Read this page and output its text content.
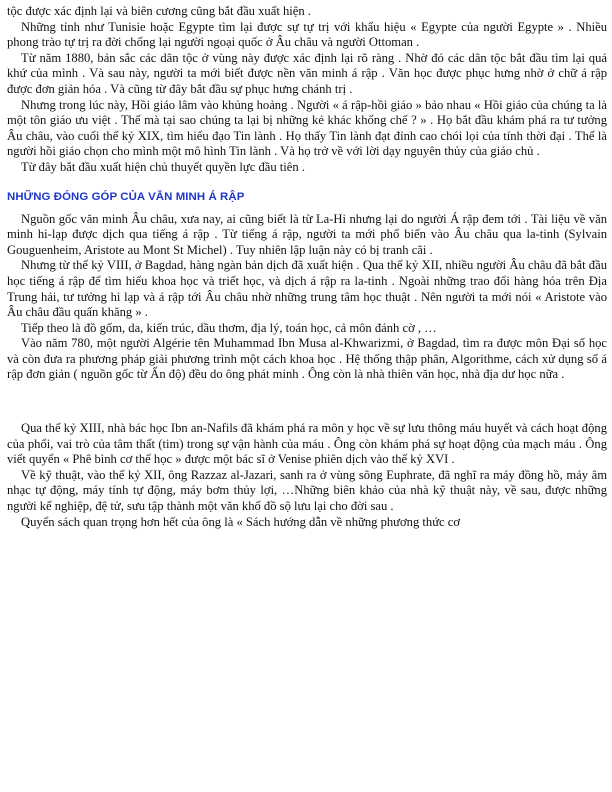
tộc được xác định lại và biên cương cũng bắt đầu xuất hiện .

Những tỉnh như Tunisie hoặc Egypte tìm lại được sự tự trị với khẩu hiệu « Egypte của người Egypte » . Nhiều phong trào tự trị ra đời chống lại người ngoại quốc ở Âu châu và người Ottoman .

Từ năm 1880, bản sắc các dân tộc ở vùng này được xác định lại rõ ràng . Nhờ đó các dân tộc bắt đầu tìm lại quá khứ của mình . Và sau này, người ta mới biết được nền văn minh á rập . Văn học được phục hưng nhờ ở chữ á rập được đơn giản hóa . Và cũng từ đây bắt đầu sự phục hưng chánh trị .

Nhưng trong lúc này, Hồi giáo lâm vào khủng hoảng . Người « á rập-hồi giáo » bảo nhau « Hồi giáo của chúng ta là một tôn giáo ưu việt . Thế mà tại sao chúng ta lại bị những kẻ khác khống chế ? » . Họ bắt đầu khám phá ra tư tưởng Âu châu, vào cuối thế kỷ XIX, tìm hiểu đạo Tin lành . Họ thấy Tin lành đạt đỉnh cao chói lọi của tính thời đại . Thế là người hồi giáo chọn cho mình một mô hình Tin lành . Và họ trở về với lời dạy nguyên thủy của giáo chủ .

Từ đây bắt đầu xuất hiện chủ thuyết quyền lực đầu tiên .

NHỮNG ĐÓNG GÓP CỦA VĂN MINH Á RẬP

Nguồn gốc văn minh Âu châu, xưa nay, ai cũng biết là từ La-Hi nhưng lại do người Á rập đem tới . Tài liệu về văn minh hi-lạp được dịch qua tiếng á rập . Từ tiếng á rập, người ta mới phổ biến vào Âu châu qua la-tinh (Sylvain Gouguenheim, Aristote au Mont St Michel) . Tuy nhiên lập luận này có bị tranh cãi .

Nhưng từ thế kỷ VIII, ở Bagdad, hàng ngàn bản dịch đã xuất hiện . Qua thế kỷ XII, nhiều người Âu châu đã bắt đầu học tiếng á rập để tìm hiểu khoa học và triết học, và dịch á rập ra la-tinh . Ngoài những trao đổi hàng hóa trên Địa Trung hải, tư tưởng hi lạp và á rập tới Âu châu nhờ những trung tâm học thuật . Nên người ta mới nói « Aristote vào Âu châu đầu quấn khăng » .

Tiếp theo là đồ gốm, da, kiến trúc, dầu thơm, địa lý, toán học, cả môn đánh cờ , …

Vào năm 780, một người Algérie tên Muhammad Ibn Musa al-Khwarizmi, ở Bagdad, tìm ra được môn Đại số học và còn đưa ra phương pháp giải phương trình một cách khoa học . Hệ thống thập phân, Algorithme, cách xử dụng số á rập đơn giản ( nguồn gốc từ Ấn độ) đều do ông phát minh . Ông còn là nhà thiên văn học, nhà địa dư học nữa .

Qua thế kỷ XIII, nhà bác học Ibn an-Nafils đã khám phá ra môn y học về sự lưu thông máu huyết và cách hoạt động của phổi, vai trò của tâm thất (tim) trong sự vận hành của máu . Ông còn khám phá sự hoạt động của mạch máu . Ông viết quyển « Phê bình cơ thể học » được một bác sĩ ở Venise phiên dịch vào thế kỷ XVI .

Về kỹ thuật, vào thế kỷ XII, ông Razzaz al-Jazari, sanh ra ở vùng sông Euphrate, đã nghĩ ra máy đồng hồ, máy âm nhạc tự động, máy tính tự động, máy bơm thủy lợi, …Những biên khảo của nhà kỹ thuật này, về sau, được những người kế nghiệp, đệ tử, sưu tập thành một văn khố đồ sộ lưu lại cho đời sau .

Quyển sách quan trọng hơn hết của ông là « Sách hướng dẫn về những phương thức cơ
